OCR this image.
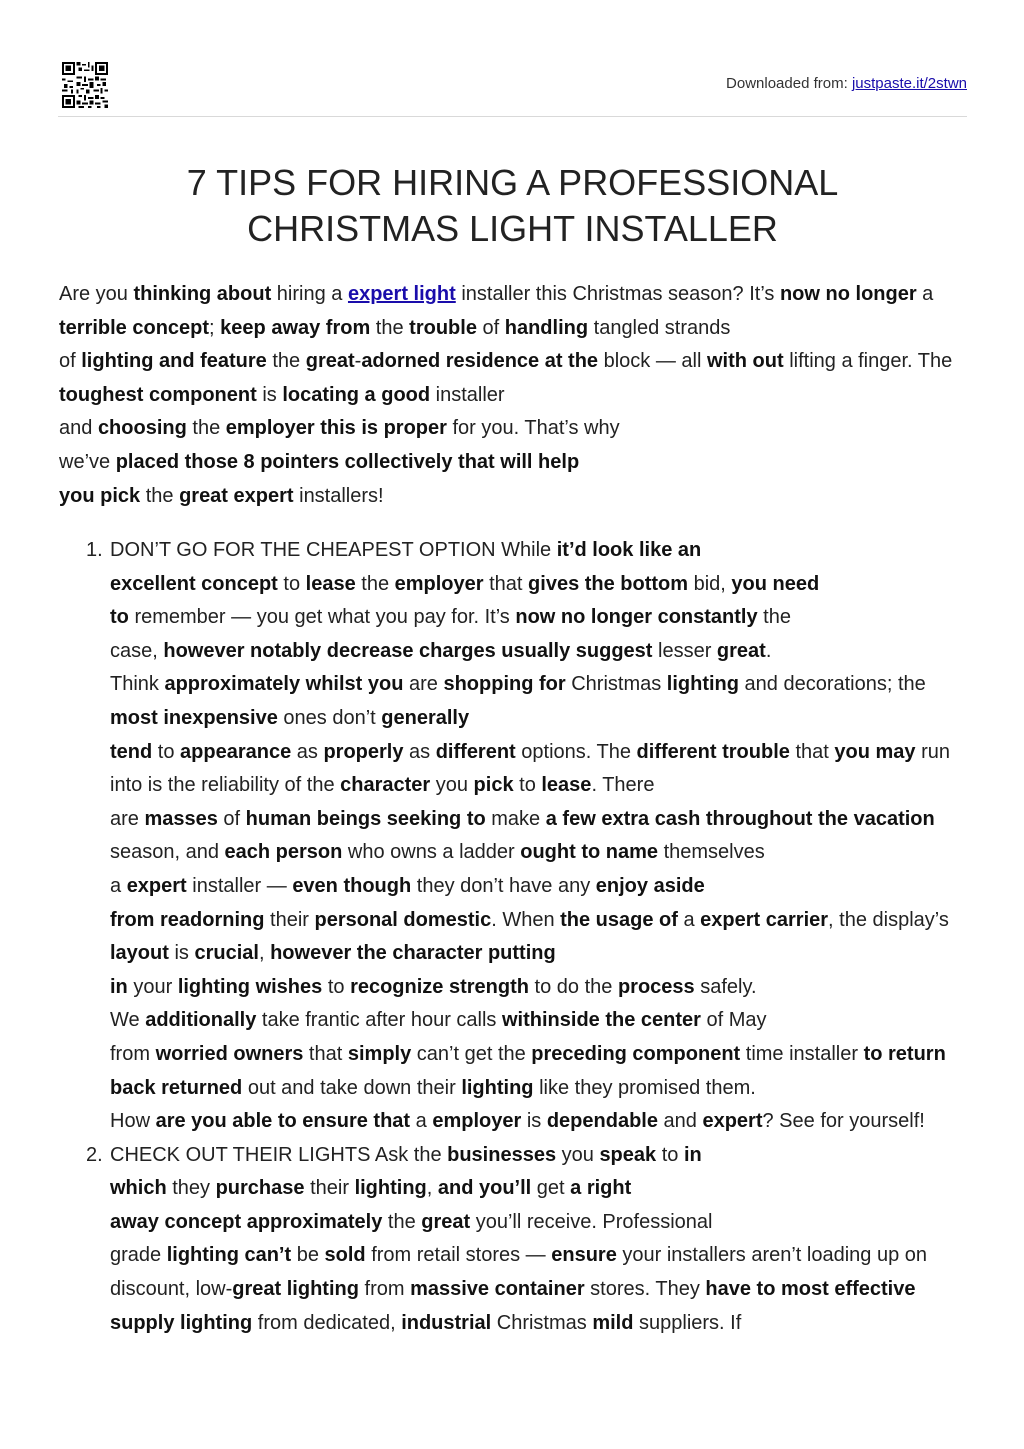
Downloaded from: justpaste.it/2stwn
7 TIPS FOR HIRING A PROFESSIONAL
CHRISTMAS LIGHT INSTALLER

Are you thinking about hiring a expert light installer this Christmas season? It’s now no longer a terrible concept; keep away from the trouble of handling tangled strands
of lighting and feature the great-adorned residence at the block — all with out lifting a finger. The toughest component is locating a good installer
and choosing the employer this is proper for you. That’s why
we’ve placed those 8 pointers collectively that will help
you pick the great expert installers!

1. DON’T GO FOR THE CHEAPEST OPTION While it’d look like an
excellent concept to lease the employer that gives the bottom bid, you need
to remember — you get what you pay for. It’s now no longer constantly the
case, however notably decrease charges usually suggest lesser great.
Think approximately whilst you are shopping for Christmas lighting and decorations; the most inexpensive ones don’t generally
tend to appearance as properly as different options. The different trouble that you may run into is the reliability of the character you pick to lease. There
are masses of human beings seeking to make a few extra cash throughout the vacation season, and each person who owns a ladder ought to name themselves
a expert installer — even though they don’t have any enjoy aside
from readorning their personal domestic. When the usage of a expert carrier, the display’s layout is crucial, however the character putting
in your lighting wishes to recognize strength to do the process safely.
We additionally take frantic after hour calls withinside the center of May
from worried owners that simply can’t get the preceding component time installer to return back returned out and take down their lighting like they promised them.
How are you able to ensure that a employer is dependable and expert? See for yourself!
2. CHECK OUT THEIR LIGHTS Ask the businesses you speak to in
which they purchase their lighting, and you’ll get a right
away concept approximately the great you’ll receive. Professional
grade lighting can’t be sold from retail stores — ensure your installers aren’t loading up on discount, low-great lighting from massive container stores. They have to most effective supply lighting from dedicated, industrial Christmas mild suppliers. If
